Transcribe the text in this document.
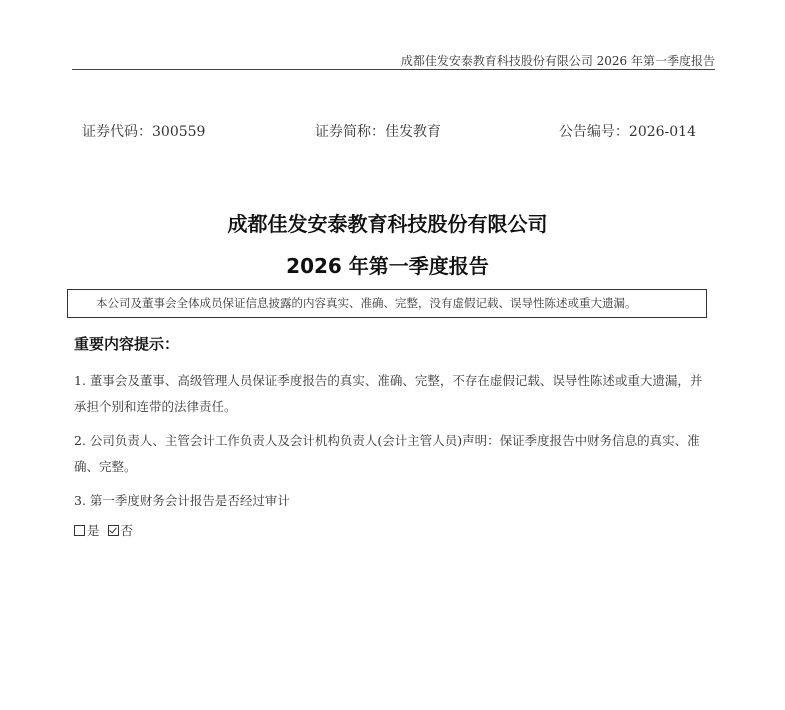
成都佳发安泰教育科技股份有限公司 2026 年第一季度报告
证券代码：300559	证券简称：佳发教育	公告编号：2026-014
成都佳发安泰教育科技股份有限公司
2026 年第一季度报告
本公司及董事会全体成员保证信息披露的内容真实、准确、完整，没有虚假记载、误导性陈述或重大遗漏。
重要内容提示：
1. 董事会及董事、高级管理人员保证季度报告的真实、准确、完整，不存在虚假记载、误导性陈述或重大遗漏，并承担个别和连带的法律责任。
2. 公司负责人、主管会计工作负责人及会计机构负责人(会计主管人员)声明：保证季度报告中财务信息的真实、准确、完整。
3. 第一季度财务会计报告是否经过审计
是 否
